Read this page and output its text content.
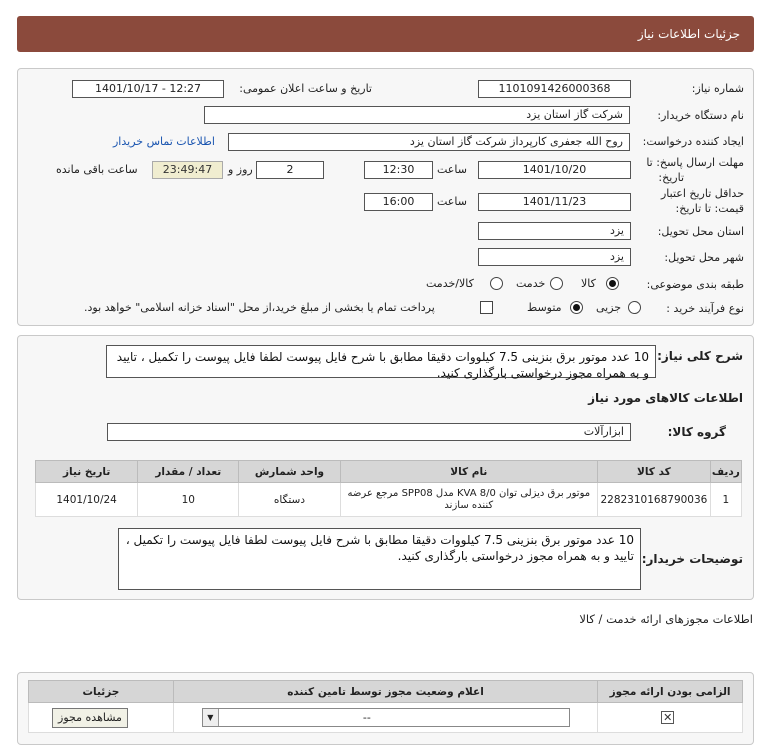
جزئیات اطلاعات نیاز
شماره نیاز:
1101091426000368
تاریخ و ساعت اعلان عمومی:
1401/10/17 - 12:27
نام دستگاه خریدار:
شرکت گاز استان یزد
ایجاد کننده درخواست:
روح الله جعفری کارپرداز شرکت گاز استان یزد
اطلاعات تماس خریدار
مهلت ارسال پاسخ: تا
تاریخ:
1401/10/20
ساعت
12:30
2
روز و
23:49:47
ساعت باقی مانده
حداقل تاریخ اعتبار
قیمت: تا تاریخ:
1401/11/23
ساعت
16:00
استان محل تحویل:
یزد
شهر محل تحویل:
یزد
طبقه بندی موضوعی:
کالا
خدمت
کالا/خدمت
نوع فرآیند خرید :
جزیی
متوسط
پرداخت تمام یا بخشی از مبلغ خرید،از محل "اسناد خزانه اسلامی" خواهد بود.
شرح کلی نیاز:
10 عدد موتور برق بنزینی 7.5 کیلووات دقیقا مطابق با شرح فایل پیوست لطفا فایل پیوست را تکمیل ، تایید و به همراه مجوز درخواستی بارگذاری کنید.
اطلاعات کالاهای مورد نیاز
گروه کالا:
ابزارآلات
ردیف	کد کالا	نام کالا	واحد شمارش	تعداد / مقدار	تاریخ نیاز
1	2282310168790036	موتور برق دیزلی توان KVA 8/0 مدل SPP08 مرجع عرضه کننده سازند	دستگاه	10	1401/10/24
توضیحات خریدار:
10 عدد موتور برق بنزینی 7.5 کیلووات دقیقا مطابق با شرح فایل پیوست لطفا فایل پیوست را تکمیل ، تایید و به همراه مجوز درخواستی بارگذاری کنید.
اطلاعات مجوزهای ارائه خدمت / کالا
الزامی بودن ارائه مجوز	اعلام وضعیت مجوز توسط تامین کننده	جزئیات

✕	▼ --	مشاهده مجوز
